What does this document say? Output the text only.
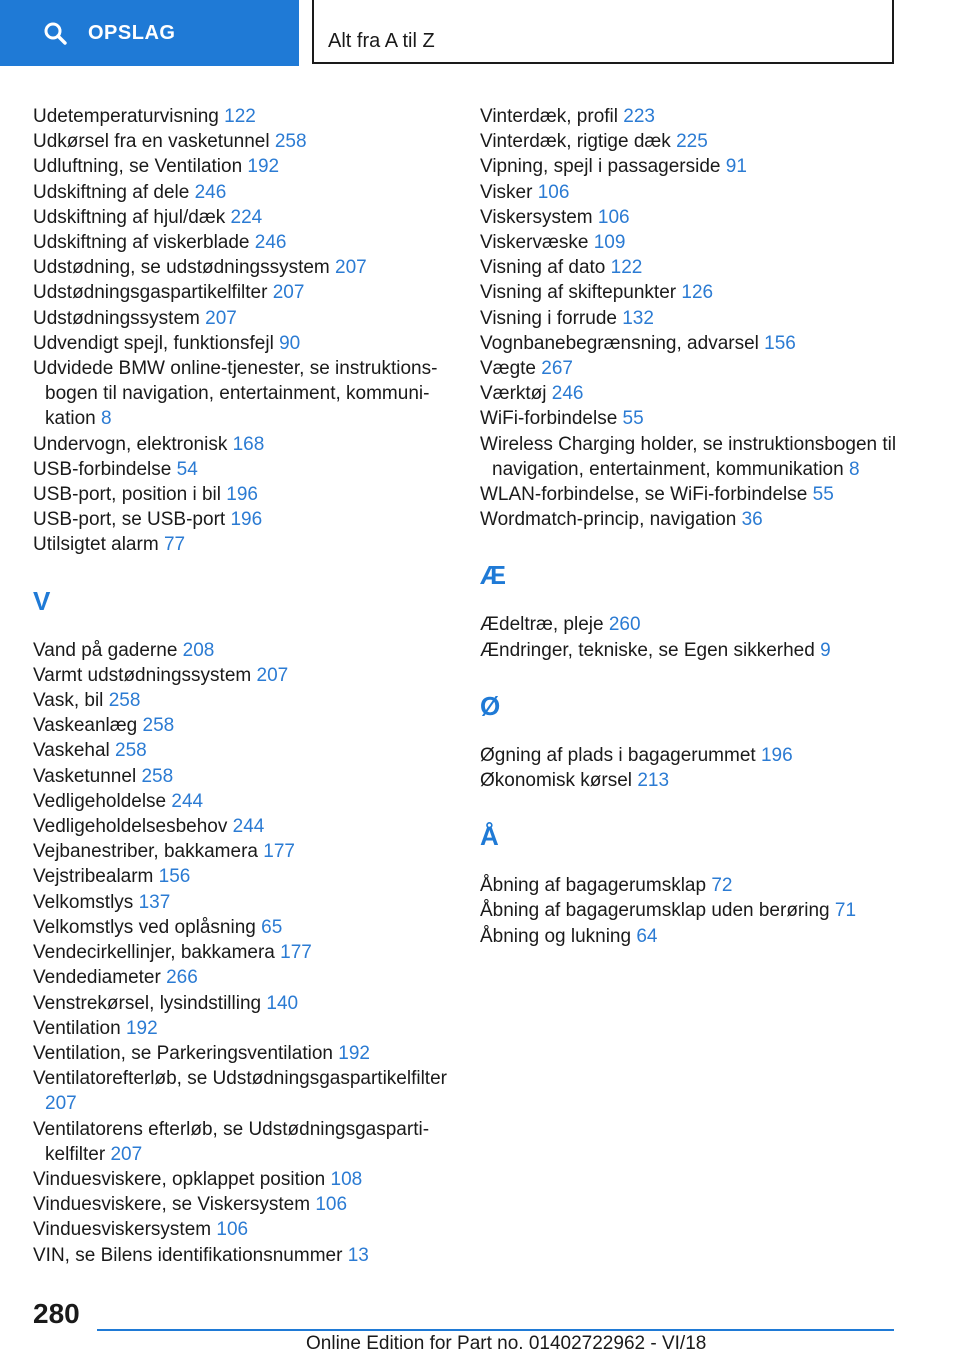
OPSLAG	Alt fra A til Z
Udetemperaturvisning 122
Udkørsel fra en vasketunnel 258
Udluftning, se Ventilation 192
Udskiftning af dele 246
Udskiftning af hjul/dæk 224
Udskiftning af viskerblade 246
Udstødning, se udstødningssystem 207
Udstødningsgaspartikelfilter 207
Udstødningssystem 207
Udvendigt spejl, funktionsfejl 90
Udvidede BMW online-tjenester, se instruktionsbogen til navigation, entertainment, kommunikation 8
Undervogn, elektronisk 168
USB-forbindelse 54
USB-port, position i bil 196
USB-port, se USB-port 196
Utilsigtet alarm 77
V
Vand på gaderne 208
Varmt udstødningssystem 207
Vask, bil 258
Vaskeanlæg 258
Vaskehal 258
Vasketunnel 258
Vedligeholdelse 244
Vedligeholdelsesbehov 244
Vejbanestriber, bakkamera 177
Vejstribealarm 156
Velkomstlys 137
Velkomstlys ved oplåsning 65
Vendecirkellinjer, bakkamera 177
Vendediameter 266
Venstrekørsel, lysindstilling 140
Ventilation 192
Ventilation, se Parkeringsventilation 192
Ventilatorefterløb, se Udstødningsgaspartikelfilter 207
Ventilatorens efterløb, se Udstødningsgaspartikelfilter 207
Vinduesviskere, opklappet position 108
Vinduesviskere, se Viskersystem 106
Vinduesviskersystem 106
VIN, se Bilens identifikationsnummer 13
Vinterdæk, profil 223
Vinterdæk, rigtige dæk 225
Vipning, spejl i passagerside 91
Visker 106
Viskersystem 106
Viskervæske 109
Visning af dato 122
Visning af skiftepunkter 126
Visning i forrude 132
Vognbanebegrænsning, advarsel 156
Vægte 267
Værktøj 246
WiFi-forbindelse 55
Wireless Charging holder, se instruktionsbogen til navigation, entertainment, kommunikation 8
WLAN-forbindelse, se WiFi-forbindelse 55
Wordmatch-princip, navigation 36
Æ
Ædeltræ, pleje 260
Ændringer, tekniske, se Egen sikkerhed 9
Ø
Øgning af plads i bagagerummet 196
Økonomisk kørsel 213
Å
Åbning af bagagerumsklap 72
Åbning af bagagerumsklap uden berøring 71
Åbning og lukning 64
280
Online Edition for Part no. 01402722962 - VI/18
